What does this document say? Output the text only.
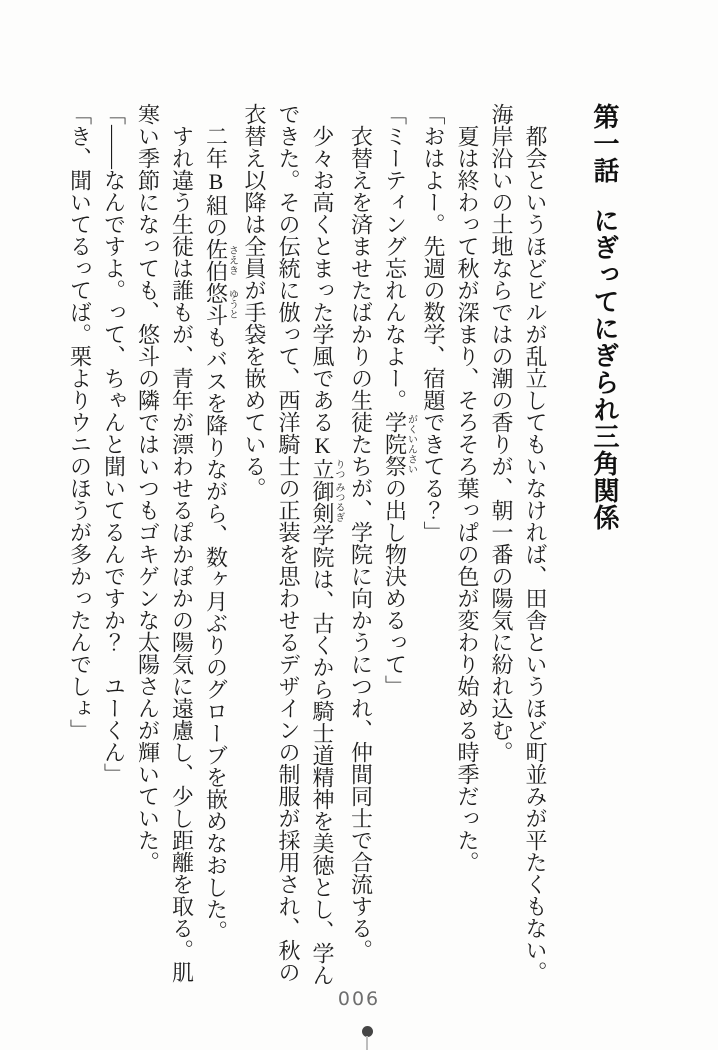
第一話にぎってにぎられ三角関係
都会というほどビルが乱立してもいなければ、田舎というほど町並みが平たくもない。
海岸沿いの土地ならではの潮の香りが、朝一番の陽気に紛れ込む。
夏は終わって秋が深まり、そろそろ葉っぱの色が変わり始める時季だった。
「おはよー。先週の数学、宿題できてる？」
「ミーティング忘れんなよー。学院祭がくいんさいの出し物決めるって」
衣替えを済ませたばかりの生徒たちが、学院に向かうにつれ、仲間同士で合流する。
少々お高くとまった学風であるK立りつ御剣みつるぎ学院は、古くから騎士道精神を美徳とし、学ん
できた。その伝統に倣って、西洋騎士の正装を思わせるデザインの制服が採用され、秋の
衣替え以降は全員が手袋を嵌めている。
二年B組の佐伯さえき悠斗ゆうともバスを降りながら、数ヶ月ぶりのグローブを嵌めなおした。
すれ違う生徒は誰もが、青年が漂わせるぽかぽかの陽気に遠慮し、少し距離を取る。肌
寒い季節になっても、悠斗の隣ではいつもゴキゲンな太陽さんが輝いていた。
「――なんですよ。って、ちゃんと聞いてるんですか？　ユーくん」
「き、聞いてるってば。栗よりウニのほうが多かったんでしょ」
006
